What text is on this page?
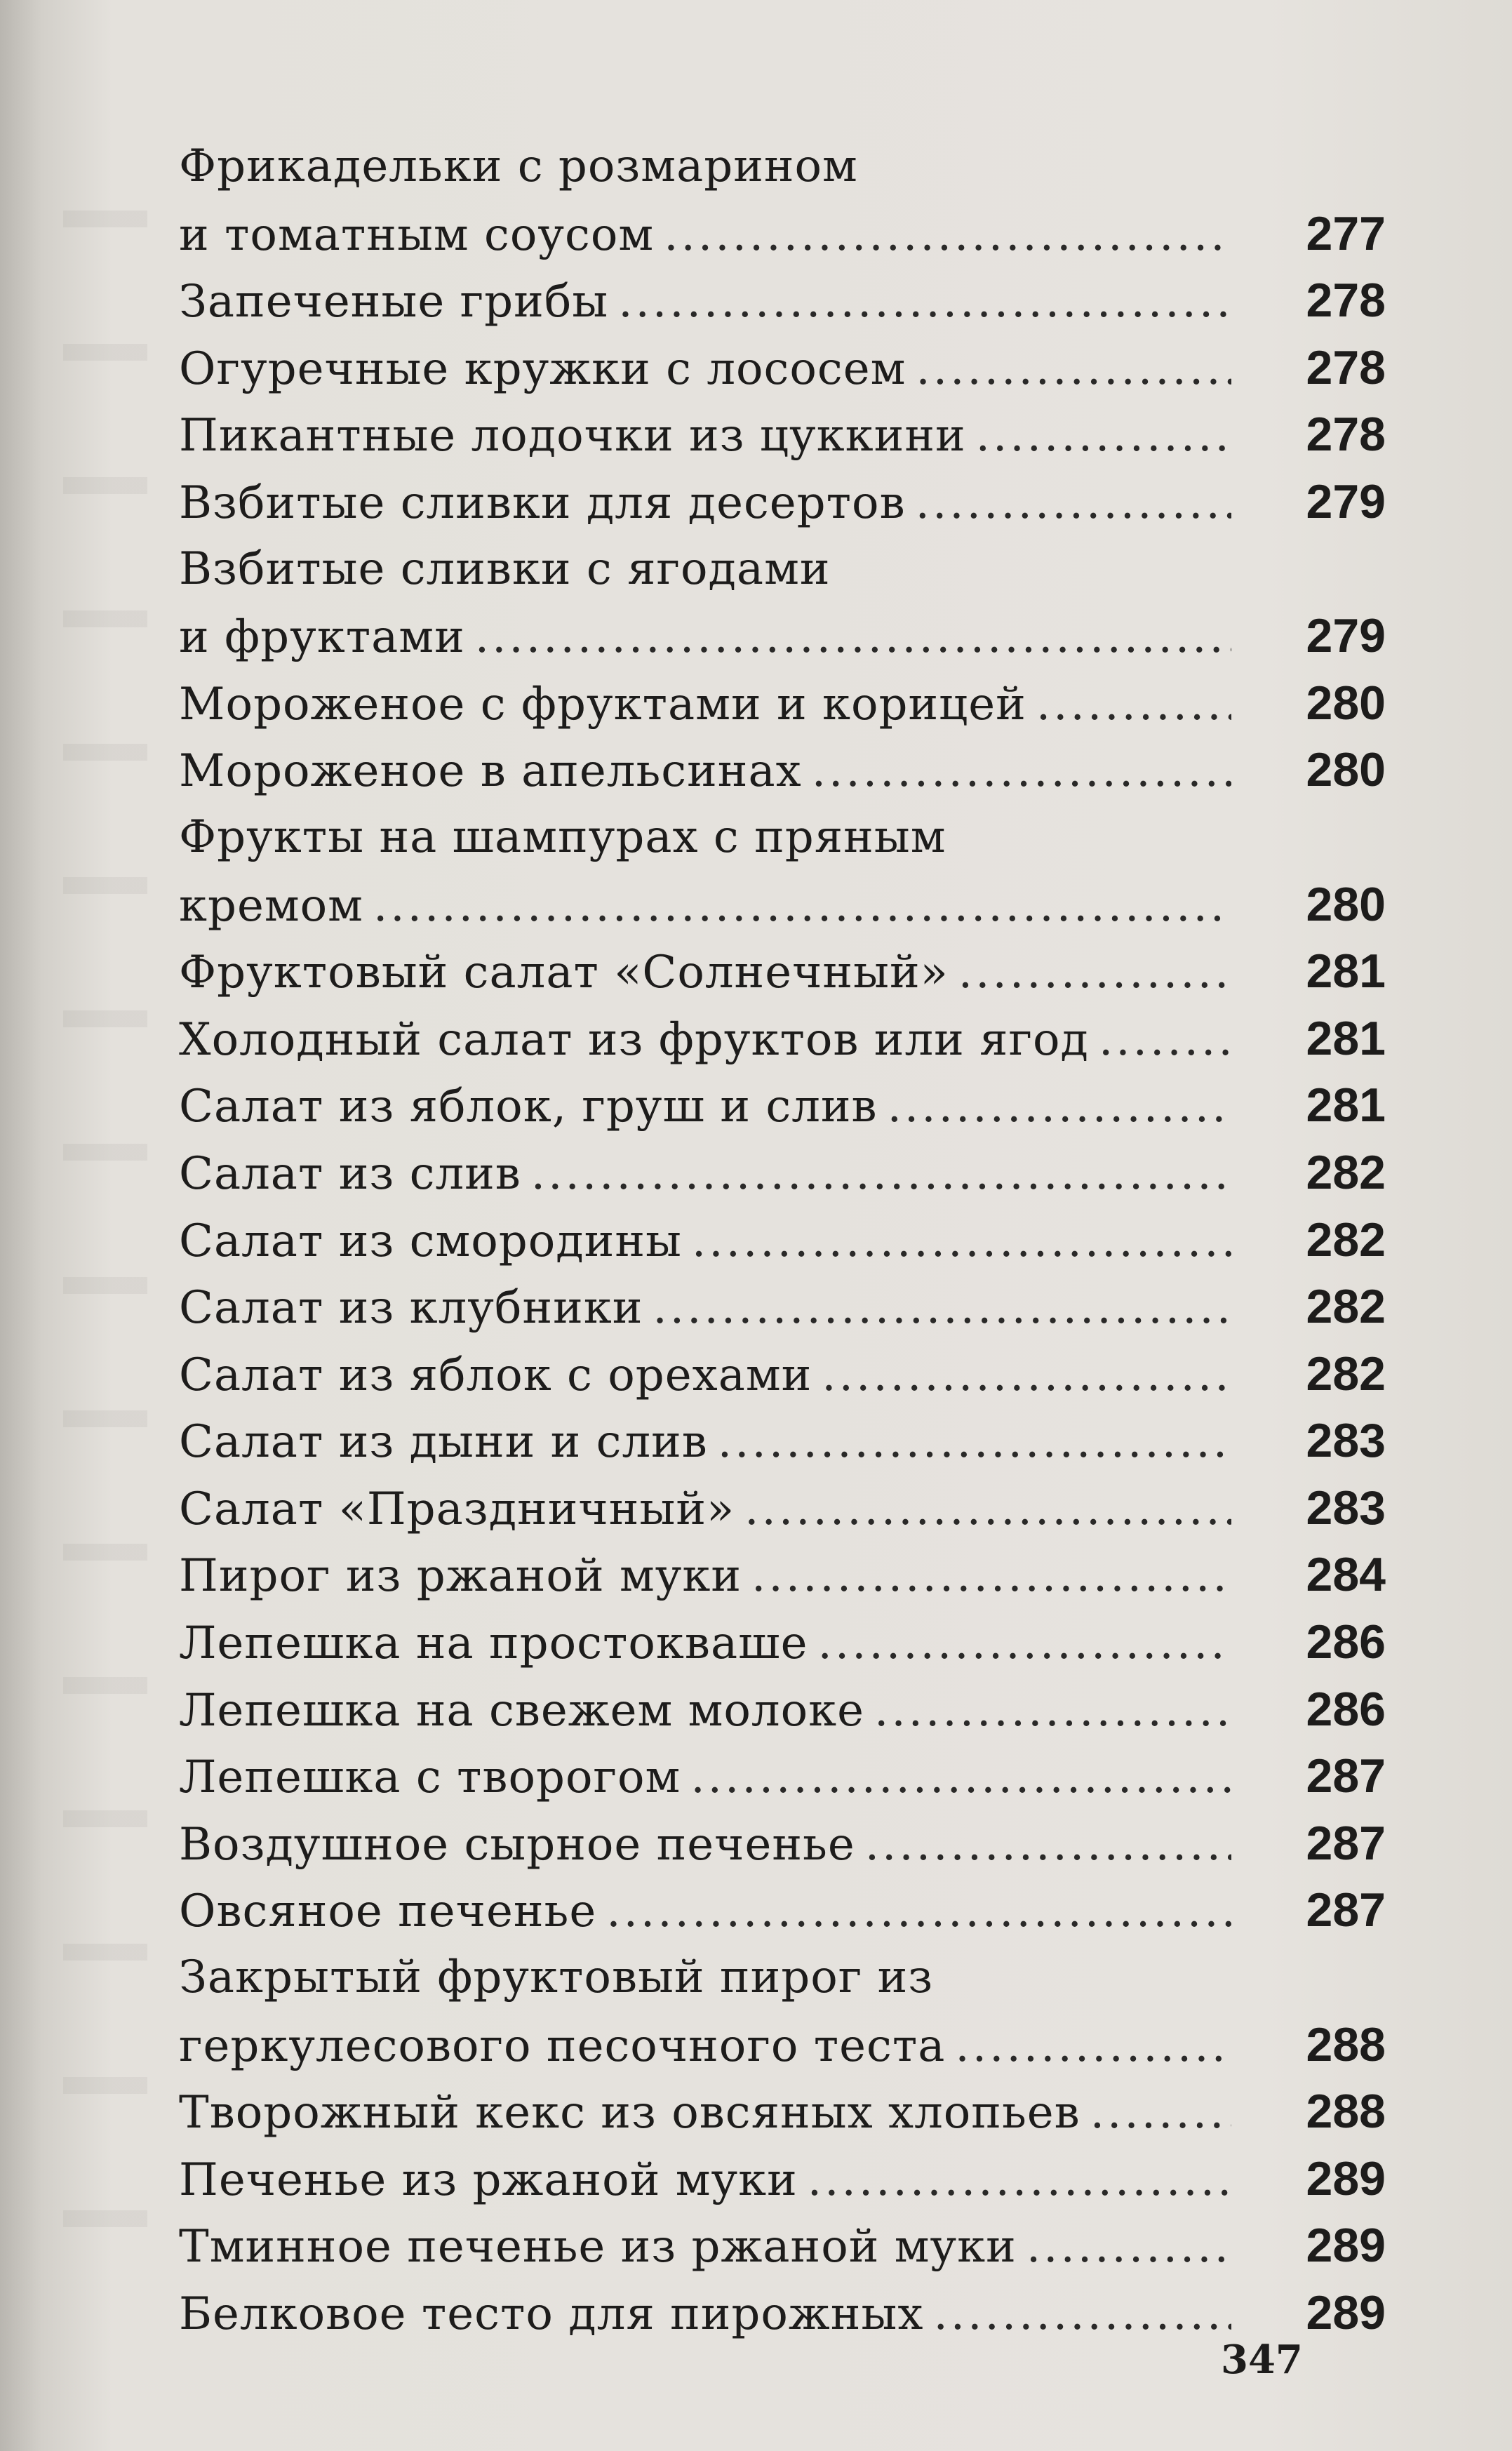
Фрикадельки с розмарином
и томатным соусом .....	277
Запеченые грибы .....	278
Огуречные кружки с лососем .....	278
Пикантные лодочки из цуккини .....	278
Взбитые сливки для десертов .....	279
Взбитые сливки с ягодами
и фруктами .....	279
Мороженое с фруктами и корицей .....	280
Мороженое в апельсинах .....	280
Фрукты на шампурах с пряным
кремом .....	280
Фруктовый салат «Солнечный» .....	281
Холодный салат из фруктов или ягод .....	281
Салат из яблок, груш и слив .....	281
Салат из слив .....	282
Салат из смородины .....	282
Салат из клубники .....	282
Салат из яблок с орехами .....	282
Салат из дыни и слив .....	283
Салат «Праздничный» .....	283
Пирог из ржаной муки .....	284
Лепешка на простокваше .....	286
Лепешка на свежем молоке .....	286
Лепешка с творогом .....	287
Воздушное сырное печенье .....	287
Овсяное печенье .....	287
Закрытый фруктовый пирог из
геркулесового песочного теста .....	288
Творожный кекс из овсяных хлопьев .....	288
Печенье из ржаной муки .....	289
Тминное печенье из ржаной муки .....	289
Белковое тесто для пирожных .....	289
347
